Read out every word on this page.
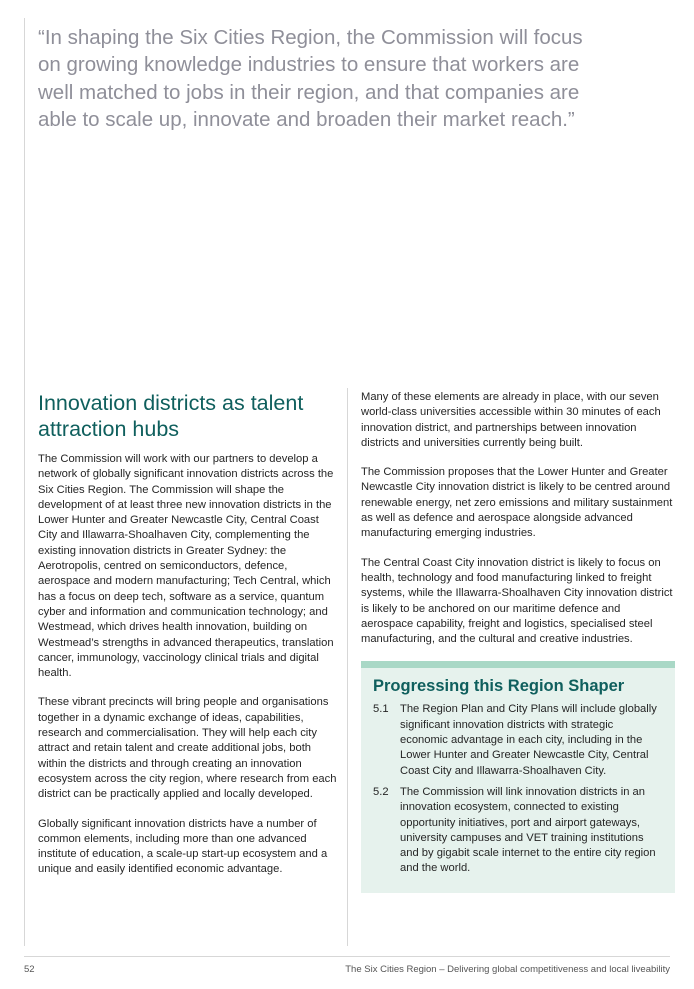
“In shaping the Six Cities Region, the Commission will focus on growing knowledge industries to ensure that workers are well matched to jobs in their region, and that companies are able to scale up, innovate and broaden their market reach.”
Innovation districts as talent attraction hubs

The Commission will work with our partners to develop a network of globally significant innovation districts across the Six Cities Region. The Commission will shape the development of at least three new innovation districts in the Lower Hunter and Greater Newcastle City, Central Coast City and Illawarra-Shoalhaven City, complementing the existing innovation districts in Greater Sydney: the Aerotropolis, centred on semiconductors, defence, aerospace and modern manufacturing; Tech Central, which has a focus on deep tech, software as a service, quantum cyber and information and communication technology; and Westmead, which drives health innovation, building on Westmead’s strengths in advanced therapeutics, translation cancer, immunology, vaccinology clinical trials and digital health.

These vibrant precincts will bring people and organisations together in a dynamic exchange of ideas, capabilities, research and commercialisation. They will help each city attract and retain talent and create additional jobs, both within the districts and through creating an innovation ecosystem across the city region, where research from each district can be practically applied and locally developed.

Globally significant innovation districts have a number of common elements, including more than one advanced institute of education, a scale-up start-up ecosystem and a unique and easily identified economic advantage.

Many of these elements are already in place, with our seven world-class universities accessible within 30 minutes of each innovation district, and partnerships between innovation districts and universities currently being built.

The Commission proposes that the Lower Hunter and Greater Newcastle City innovation district is likely to be centred around renewable energy, net zero emissions and military sustainment as well as defence and aerospace alongside advanced manufacturing emerging industries.

The Central Coast City innovation district is likely to focus on health, technology and food manufacturing linked to freight systems, while the Illawarra-Shoalhaven City innovation district is likely to be anchored on our maritime defence and aerospace capability, freight and logistics, specialised steel manufacturing, and the cultural and creative industries.

Progressing this Region Shaper
5.1	The Region Plan and City Plans will include globally significant innovation districts with strategic economic advantage in each city, including in the Lower Hunter and Greater Newcastle City, Central Coast City and Illawarra-Shoalhaven City.
5.2	The Commission will link innovation districts in an innovation ecosystem, connected to existing opportunity initiatives, port and airport gateways, university campuses and VET training institutions and by gigabit scale internet to the entire city region and the world.
52	The Six Cities Region – Delivering global competitiveness and local liveability
